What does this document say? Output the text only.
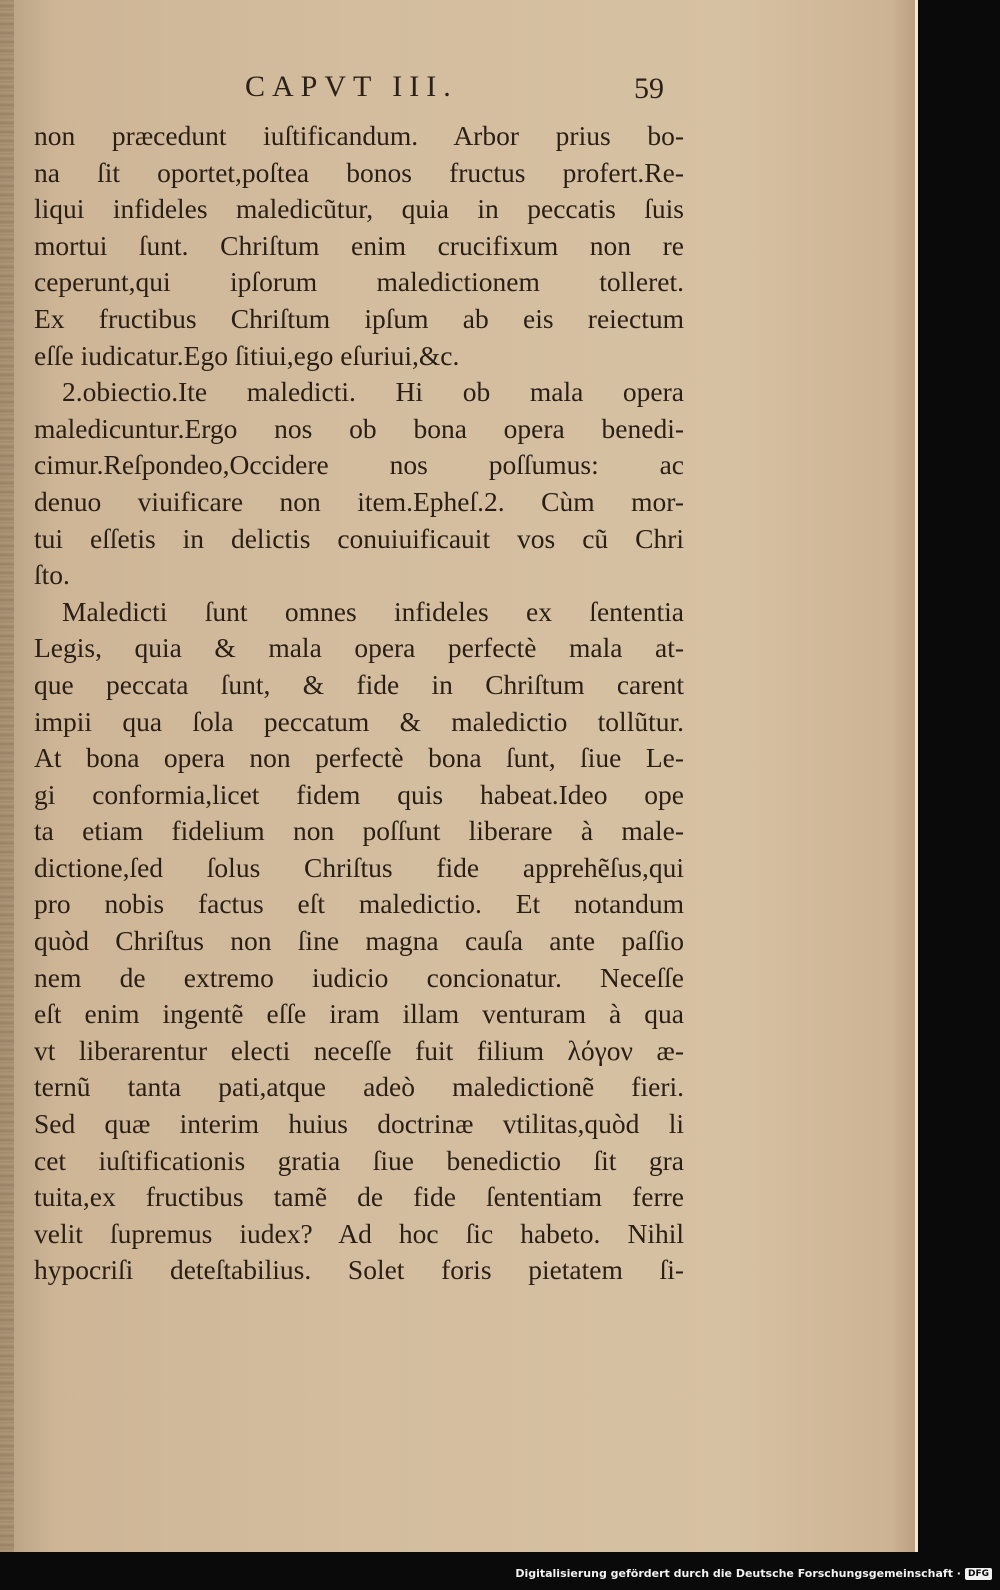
CAPVT III.	59
non præcedunt iuſtificandum. Arbor prius bo-
na ſit oportet,poſtea bonos fructus profert.Re-
liqui infideles maledicũtur, quia in peccatis ſuis
mortui ſunt. Chriſtum enim crucifixum non re
ceperunt,qui ipſorum maledictionem tolleret.
Ex fructibus Chriſtum ipſum ab eis reiectum
eſſe iudicatur.Ego ſitiui,ego eſuriui,&c.
2.obiectio.Ite maledicti. Hi ob mala opera
maledicuntur.Ergo nos ob bona opera benedi-
cimur.Reſpondeo,Occidere nos poſſumus: ac
denuo viuificare non item.Epheſ.2. Cùm mor-
tui eſſetis in delictis conuiuificauit vos cũ Chri
ſto.
Maledicti ſunt omnes infideles ex ſententia
Legis, quia & mala opera perfectè mala at-
que peccata ſunt, & fide in Chriſtum carent
impii qua ſola peccatum & maledictio tollũtur.
At bona opera non perfectè bona ſunt, ſiue Le-
gi conformia,licet fidem quis habeat.Ideo ope
ta etiam fidelium non poſſunt liberare à male-
dictione,ſed ſolus Chriſtus fide apprehẽſus,qui
pro nobis factus eſt maledictio. Et notandum
quòd Chriſtus non ſine magna cauſa ante paſſio
nem de extremo iudicio concionatur. Neceſſe
eſt enim ingentẽ eſſe iram illam venturam à qua
vt liberarentur electi neceſſe fuit filium λόγον æ-
ternũ tanta pati,atque adeò maledictionẽ fieri.
Sed quæ interim huius doctrinæ vtilitas,quòd li
cet iuſtificationis gratia ſiue benedictio ſit gra
tuita,ex fructibus tamẽ de fide ſententiam ferre
velit ſupremus iudex? Ad hoc ſic habeto. Nihil
hypocriſi deteſtabilius. Solet foris pietatem ſi-
Digitalisierung gefördert durch die Deutsche Forschungsgemeinschaft · DFG
